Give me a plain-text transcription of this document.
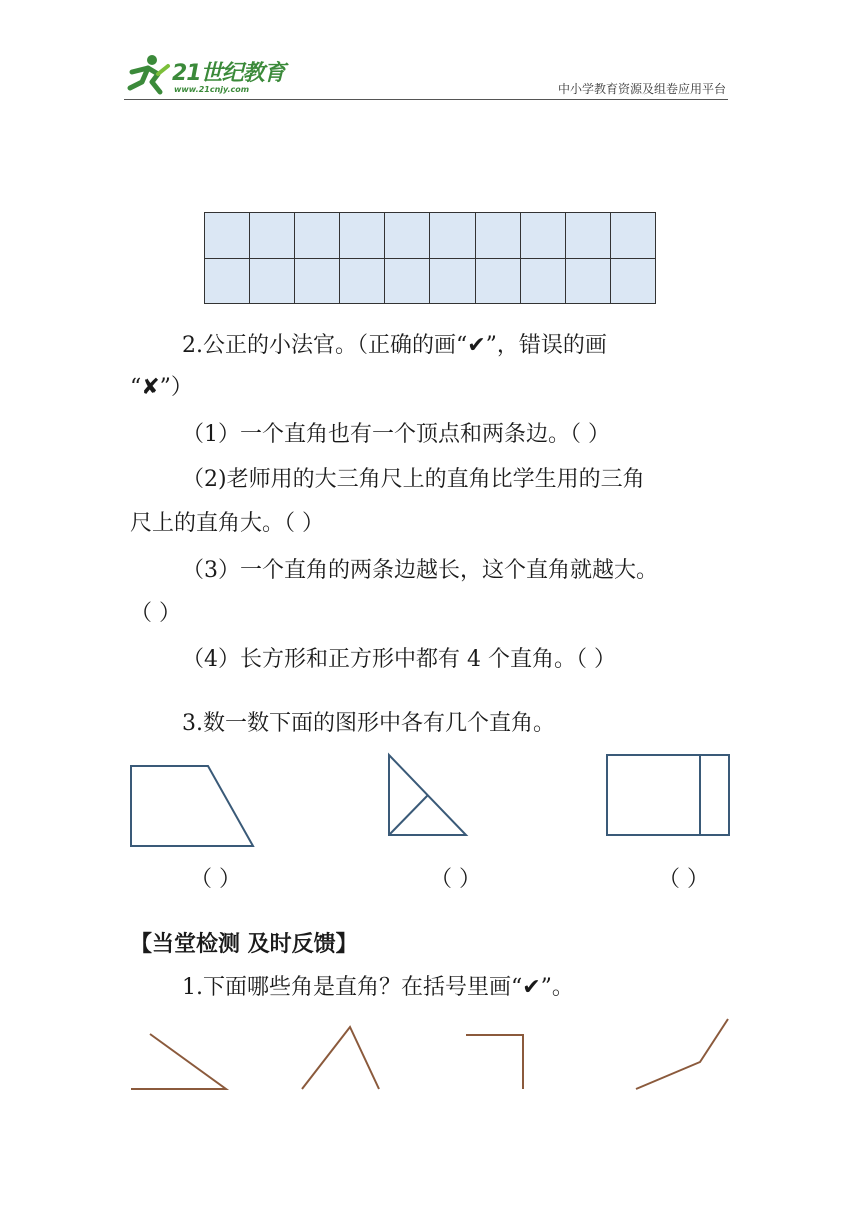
21世纪教育
www.21cnjy.com	中小学教育资源及组卷应用平台

2.公正的小法官。（正确的画“✔”，错误的画
“✘”）
（1）一个直角也有一个顶点和两条边。（ ）
（2)老师用的大三角尺上的直角比学生用的三角
尺上的直角大。（ ）
（3）一个直角的两条边越长，这个直角就越大。
（ ）
（4）长方形和正方形中都有 4 个直角。（ ）
3.数一数下面的图形中各有几个直角。
（ ）	（ ）	（ ）
【当堂检测 及时反馈】
1.下面哪些角是直角？在括号里画“✔”。
